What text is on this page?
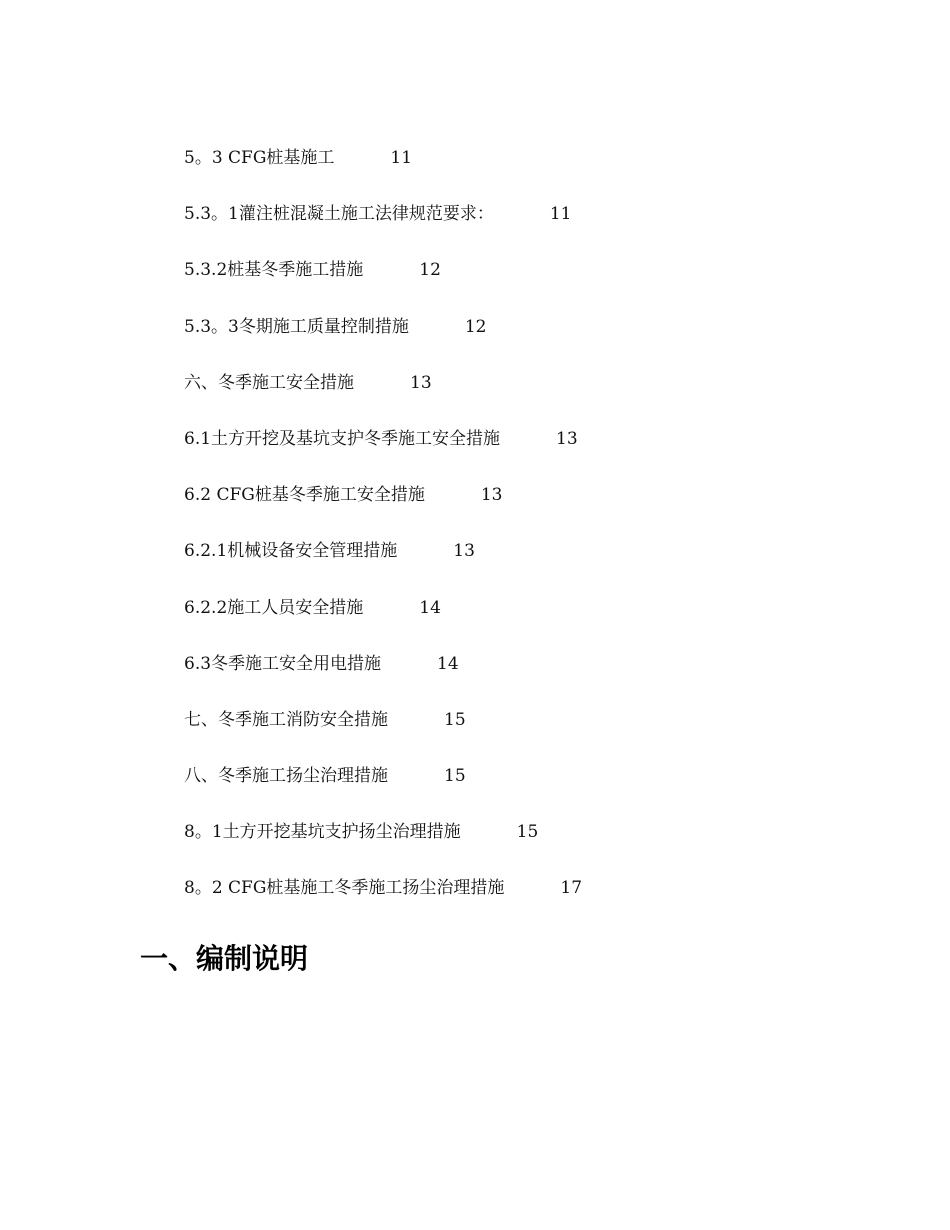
5。3 CFG桩基施工	11
5.3。1灌注桩混凝土施工法律规范要求：	11
5.3.2桩基冬季施工措施	12
5.3。3冬期施工质量控制措施	12
六、冬季施工安全措施	13
6.1土方开挖及基坑支护冬季施工安全措施	13
6.2 CFG桩基冬季施工安全措施	13
6.2.1机械设备安全管理措施	13
6.2.2施工人员安全措施	14
6.3冬季施工安全用电措施	14
七、冬季施工消防安全措施	15
八、冬季施工扬尘治理措施	15
8。1土方开挖基坑支护扬尘治理措施	15
8。2 CFG桩基施工冬季施工扬尘治理措施	17
一、编制说明
